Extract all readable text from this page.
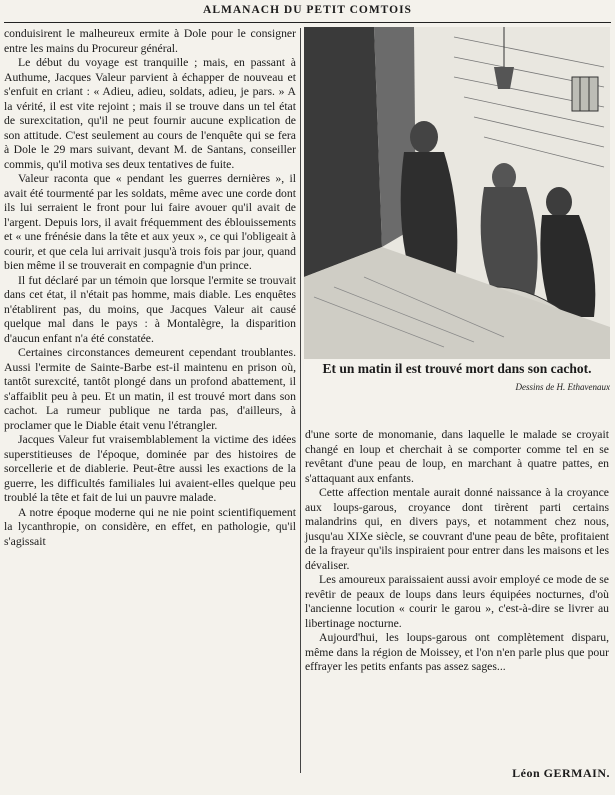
ALMANACH DU PETIT COMTOIS

conduisirent le malheureux ermite à Dole pour le consigner entre les mains du Procureur général.

Le début du voyage est tranquille ; mais, en passant à Authume, Jacques Valeur parvient à échapper de nouveau et s'enfuit en criant : « Adieu, adieu, soldats, adieu, je pars. » A la vérité, il est vite rejoint ; mais il se trouve dans un tel état de surexcitation, qu'il ne peut fournir aucune explication de son attitude. C'est seulement au cours de l'enquête qui se fera à Dole le 29 mars suivant, devant M. de Santans, conseiller commis, qu'il motiva ses deux tentatives de fuite.

Valeur raconta que « pendant les guerres dernières », il avait été tourmenté par les soldats, même avec une corde dont ils lui serraient le front pour lui faire avouer qu'il avait de l'argent. Depuis lors, il avait fréquemment des éblouissements et « une frénésie dans la tête et aux yeux », ce qui l'obligeait à courir, et que cela lui arrivait jusqu'à trois fois par jour, quand bien même il se trouverait en compagnie d'un prince.

Il fut déclaré par un témoin que lorsque l'ermite se trouvait dans cet état, il n'était pas homme, mais diable. Les enquêtes n'établirent pas, du moins, que Jacques Valeur ait causé quelque mal dans le pays : à Montalègre, la disparition d'aucun enfant n'a été constatée.

Certaines circonstances demeurent cependant troublantes. Aussi l'ermite de Sainte-Barbe est-il maintenu en prison où, tantôt surexcité, tantôt plongé dans un profond abattement, il s'affaiblit peu à peu. Et un matin, il est trouvé mort dans son cachot. La rumeur publique ne tarda pas, d'ailleurs, à proclamer que le Diable était venu l'étrangler.

Jacques Valeur fut vraisemblablement la victime des idées superstitieuses de l'époque, dominée par des histoires de sorcellerie et de diablerie. Peut-être aussi les exactions de la guerre, les difficultés familiales lui avaient-elles quelque peu troublé la tête et fait de lui un pauvre malade.

A notre époque moderne qui ne nie point scientifiquement la lycanthropie, on considère, en effet, en pathologie, qu'il s'agissait

Et un matin il est trouvé mort dans son cachot.
Dessins de H. Ethavenaux

d'une sorte de monomanie, dans laquelle le malade se croyait changé en loup et cherchait à se comporter comme tel en se revêtant d'une peau de loup, en marchant à quatre pattes, en s'attaquant aux enfants.

Cette affection mentale aurait donné naissance à la croyance aux loups-garous, croyance dont tirèrent parti certains malandrins qui, en divers pays, et notamment chez nous, jusqu'au XIXe siècle, se couvrant d'une peau de bête, profitaient de la frayeur qu'ils inspiraient pour entrer dans les maisons et les dévaliser.

Les amoureux paraissaient aussi avoir employé ce mode de se revêtir de peaux de loups dans leurs équipées nocturnes, d'où l'ancienne locution « courir le garou », c'est-à-dire se livrer au libertinage nocturne.

Aujourd'hui, les loups-garous ont complètement disparu, même dans la région de Moissey, et l'on n'en parle plus que pour effrayer les petits enfants pas assez sages...

Léon GERMAIN.
